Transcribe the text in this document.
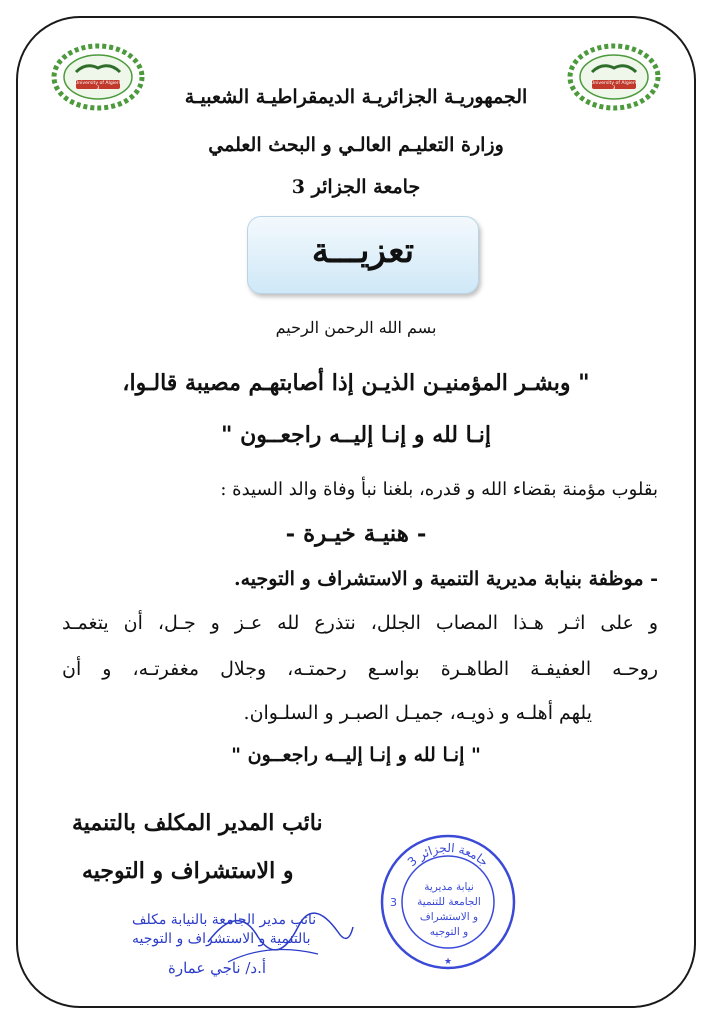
University of Algiers 3
University of Algiers 3
الجمهوريـة الجزائريـة الديمقراطيـة الشعبيـة
وزارة التعليـم العالـي و البحث العلمي
جامعة الجزائر 3
تعزيـــة
بسم الله الرحمن الرحيم
" وبشـر المؤمنيـن الذيـن إذا أصابتهـم مصيبة قالـوا،
إنـا لله و إنـا إليــه راجعــون "
بقلوب مؤمنة بقضاء الله و قدره، بلغنا نبأ وفاة والد السيدة :
- هنيـة خيـرة -
- موظفة بنيابة مديرية التنمية و الاستشراف و التوجيه.
و على اثـر هـذا المصاب الجلل، نتذرع لله عـز و جـل، أن يتغمـد
روحـه العفيفـة الطاهـرة بواسـع رحمتـه، وجلال مغفرتـه، و أن
يلهم أهلـه و ذويـه، جميـل الصبـر و السلـوان.
" إنـا لله و إنـا إليــه راجعــون "
نائب المدير المكلف بالتنمية
و الاستشراف و التوجيه
نائب مدير الجامعة بالنيابة مكلف
بالتنمية و الاستشراف و التوجيه
أ.د/ ناجي عمارة
جامعة الجزائر 3
3
★
نيابة مديرية
الجامعة للتنمية
و الاستشراف
و التوجيه
